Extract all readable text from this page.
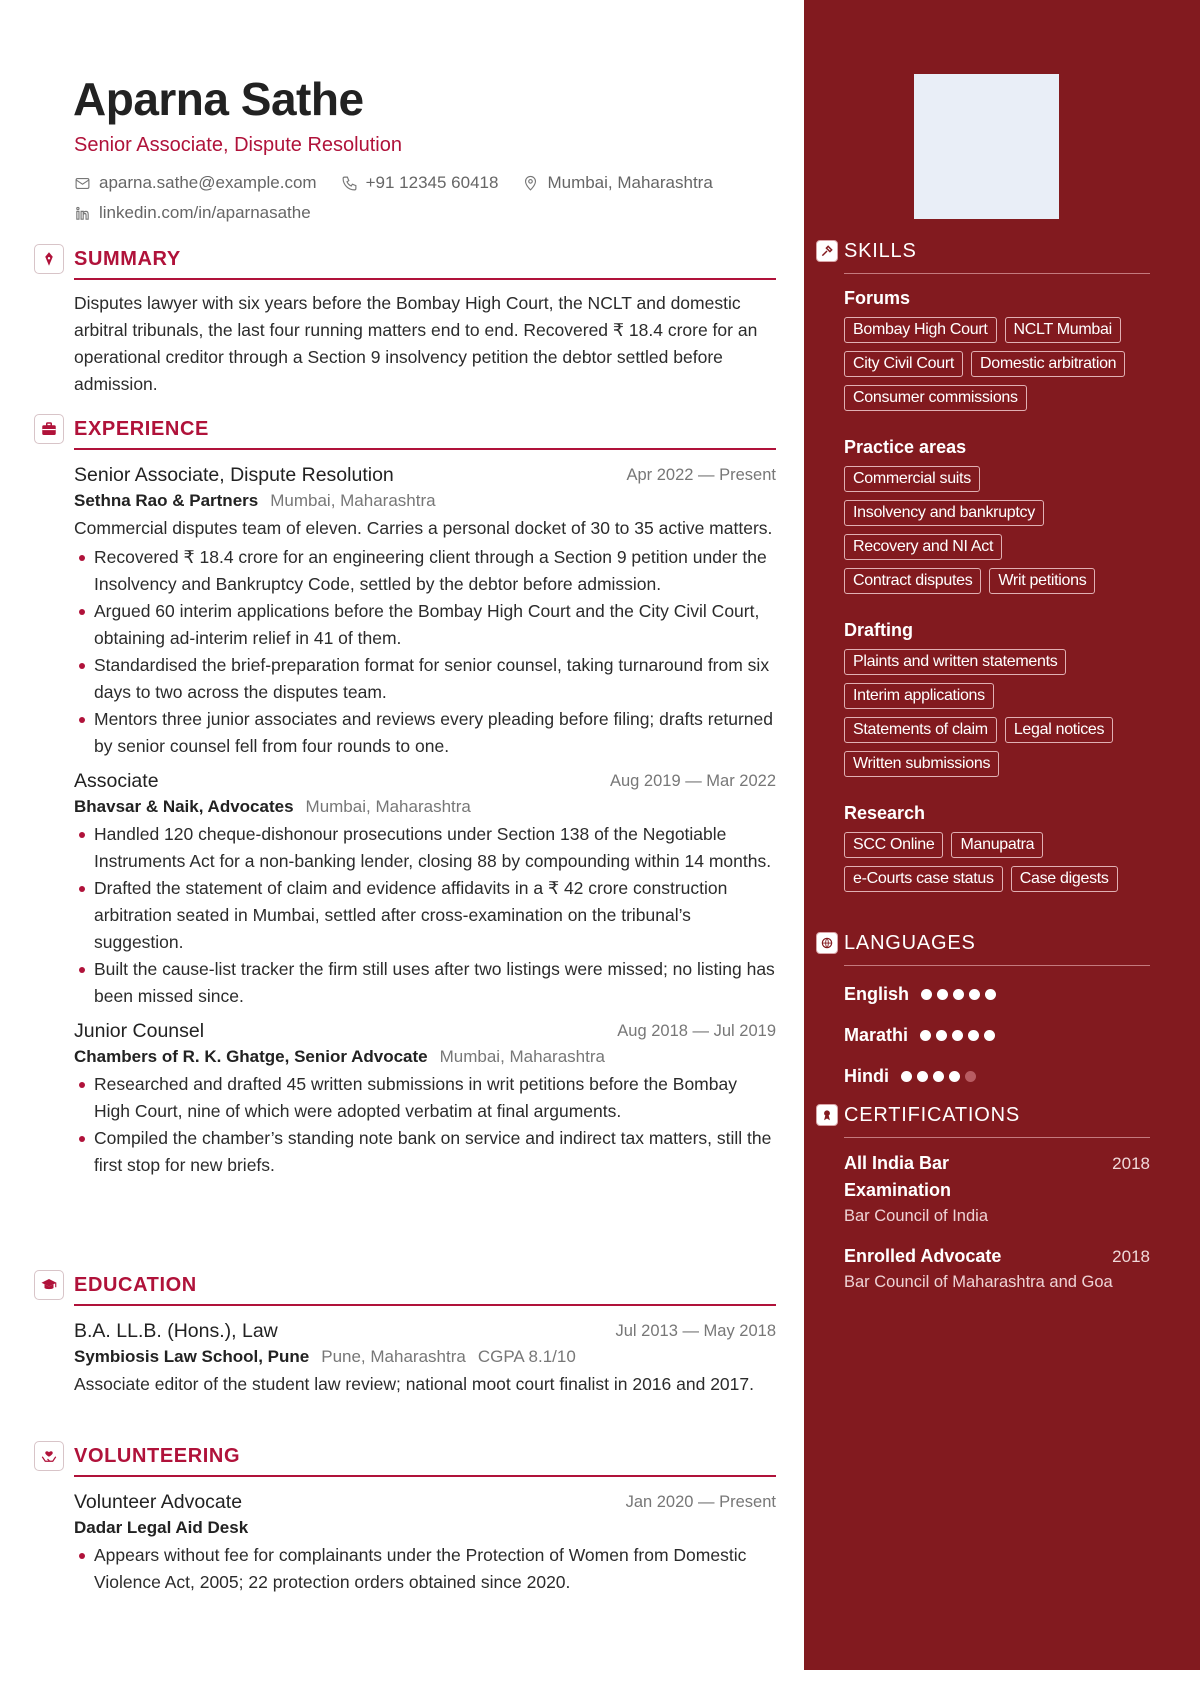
Aparna Sathe
Senior Associate, Dispute Resolution
aparna.sathe@example.com	+91 12345 60418	Mumbai, Maharashtra
linkedin.com/in/aparnasathe
SUMMARY

Disputes lawyer with six years before the Bombay High Court, the NCLT and domestic arbitral tribunals, the last four running matters end to end. Recovered ₹ 18.4 crore for an operational creditor through a Section 9 insolvency petition the debtor settled before admission.

EXPERIENCE
Senior Associate, Dispute Resolution	Apr 2022 — Present
Sethna Rao & Partners Mumbai, Maharashtra

Commercial disputes team of eleven. Carries a personal docket of 30 to 35 active matters.

Recovered ₹ 18.4 crore for an engineering client through a Section 9 petition under the Insolvency and Bankruptcy Code, settled by the debtor before admission.
Argued 60 interim applications before the Bombay High Court and the City Civil Court, obtaining ad-interim relief in 41 of them.
Standardised the brief-preparation format for senior counsel, taking turnaround from six days to two across the disputes team.
Mentors three junior associates and reviews every pleading before filing; drafts returned by senior counsel fell from four rounds to one.
Associate	Aug 2019 — Mar 2022
Bhavsar & Naik, Advocates Mumbai, Maharashtra
Handled 120 cheque-dishonour prosecutions under Section 138 of the Negotiable Instruments Act for a non-banking lender, closing 88 by compounding within 14 months.
Drafted the statement of claim and evidence affidavits in a ₹ 42 crore construction arbitration seated in Mumbai, settled after cross-examination on the tribunal’s suggestion.
Built the cause-list tracker the firm still uses after two listings were missed; no listing has been missed since.
Junior Counsel	Aug 2018 — Jul 2019
Chambers of R. K. Ghatge, Senior Advocate Mumbai, Maharashtra
Researched and drafted 45 written submissions in writ petitions before the Bombay High Court, nine of which were adopted verbatim at final arguments.
Compiled the chamber’s standing note bank on service and indirect tax matters, still the first stop for new briefs.
EDUCATION
B.A. LL.B. (Hons.), Law	Jul 2013 — May 2018
Symbiosis Law School, Pune Pune, Maharashtra CGPA 8.1/10

Associate editor of the student law review; national moot court finalist in 2016 and 2017.

VOLUNTEERING
Volunteer Advocate	Jan 2020 — Present
Dadar Legal Aid Desk
Appears without fee for complainants under the Protection of Women from Domestic Violence Act, 2005; 22 protection orders obtained since 2020.
SKILLS
Forums
Bombay High Court	NCLT Mumbai
City Civil Court	Domestic arbitration
Consumer commissions
Practice areas
Commercial suits
Insolvency and bankruptcy
Recovery and NI Act
Contract disputes	Writ petitions
Drafting
Plaints and written statements
Interim applications
Statements of claim	Legal notices
Written submissions
Research
SCC Online	Manupatra
e-Courts case status	Case digests
LANGUAGES
English
Marathi
Hindi
CERTIFICATIONS
All India Bar Examination
2018
Bar Council of India
Enrolled Advocate	2018
Bar Council of Maharashtra and Goa
